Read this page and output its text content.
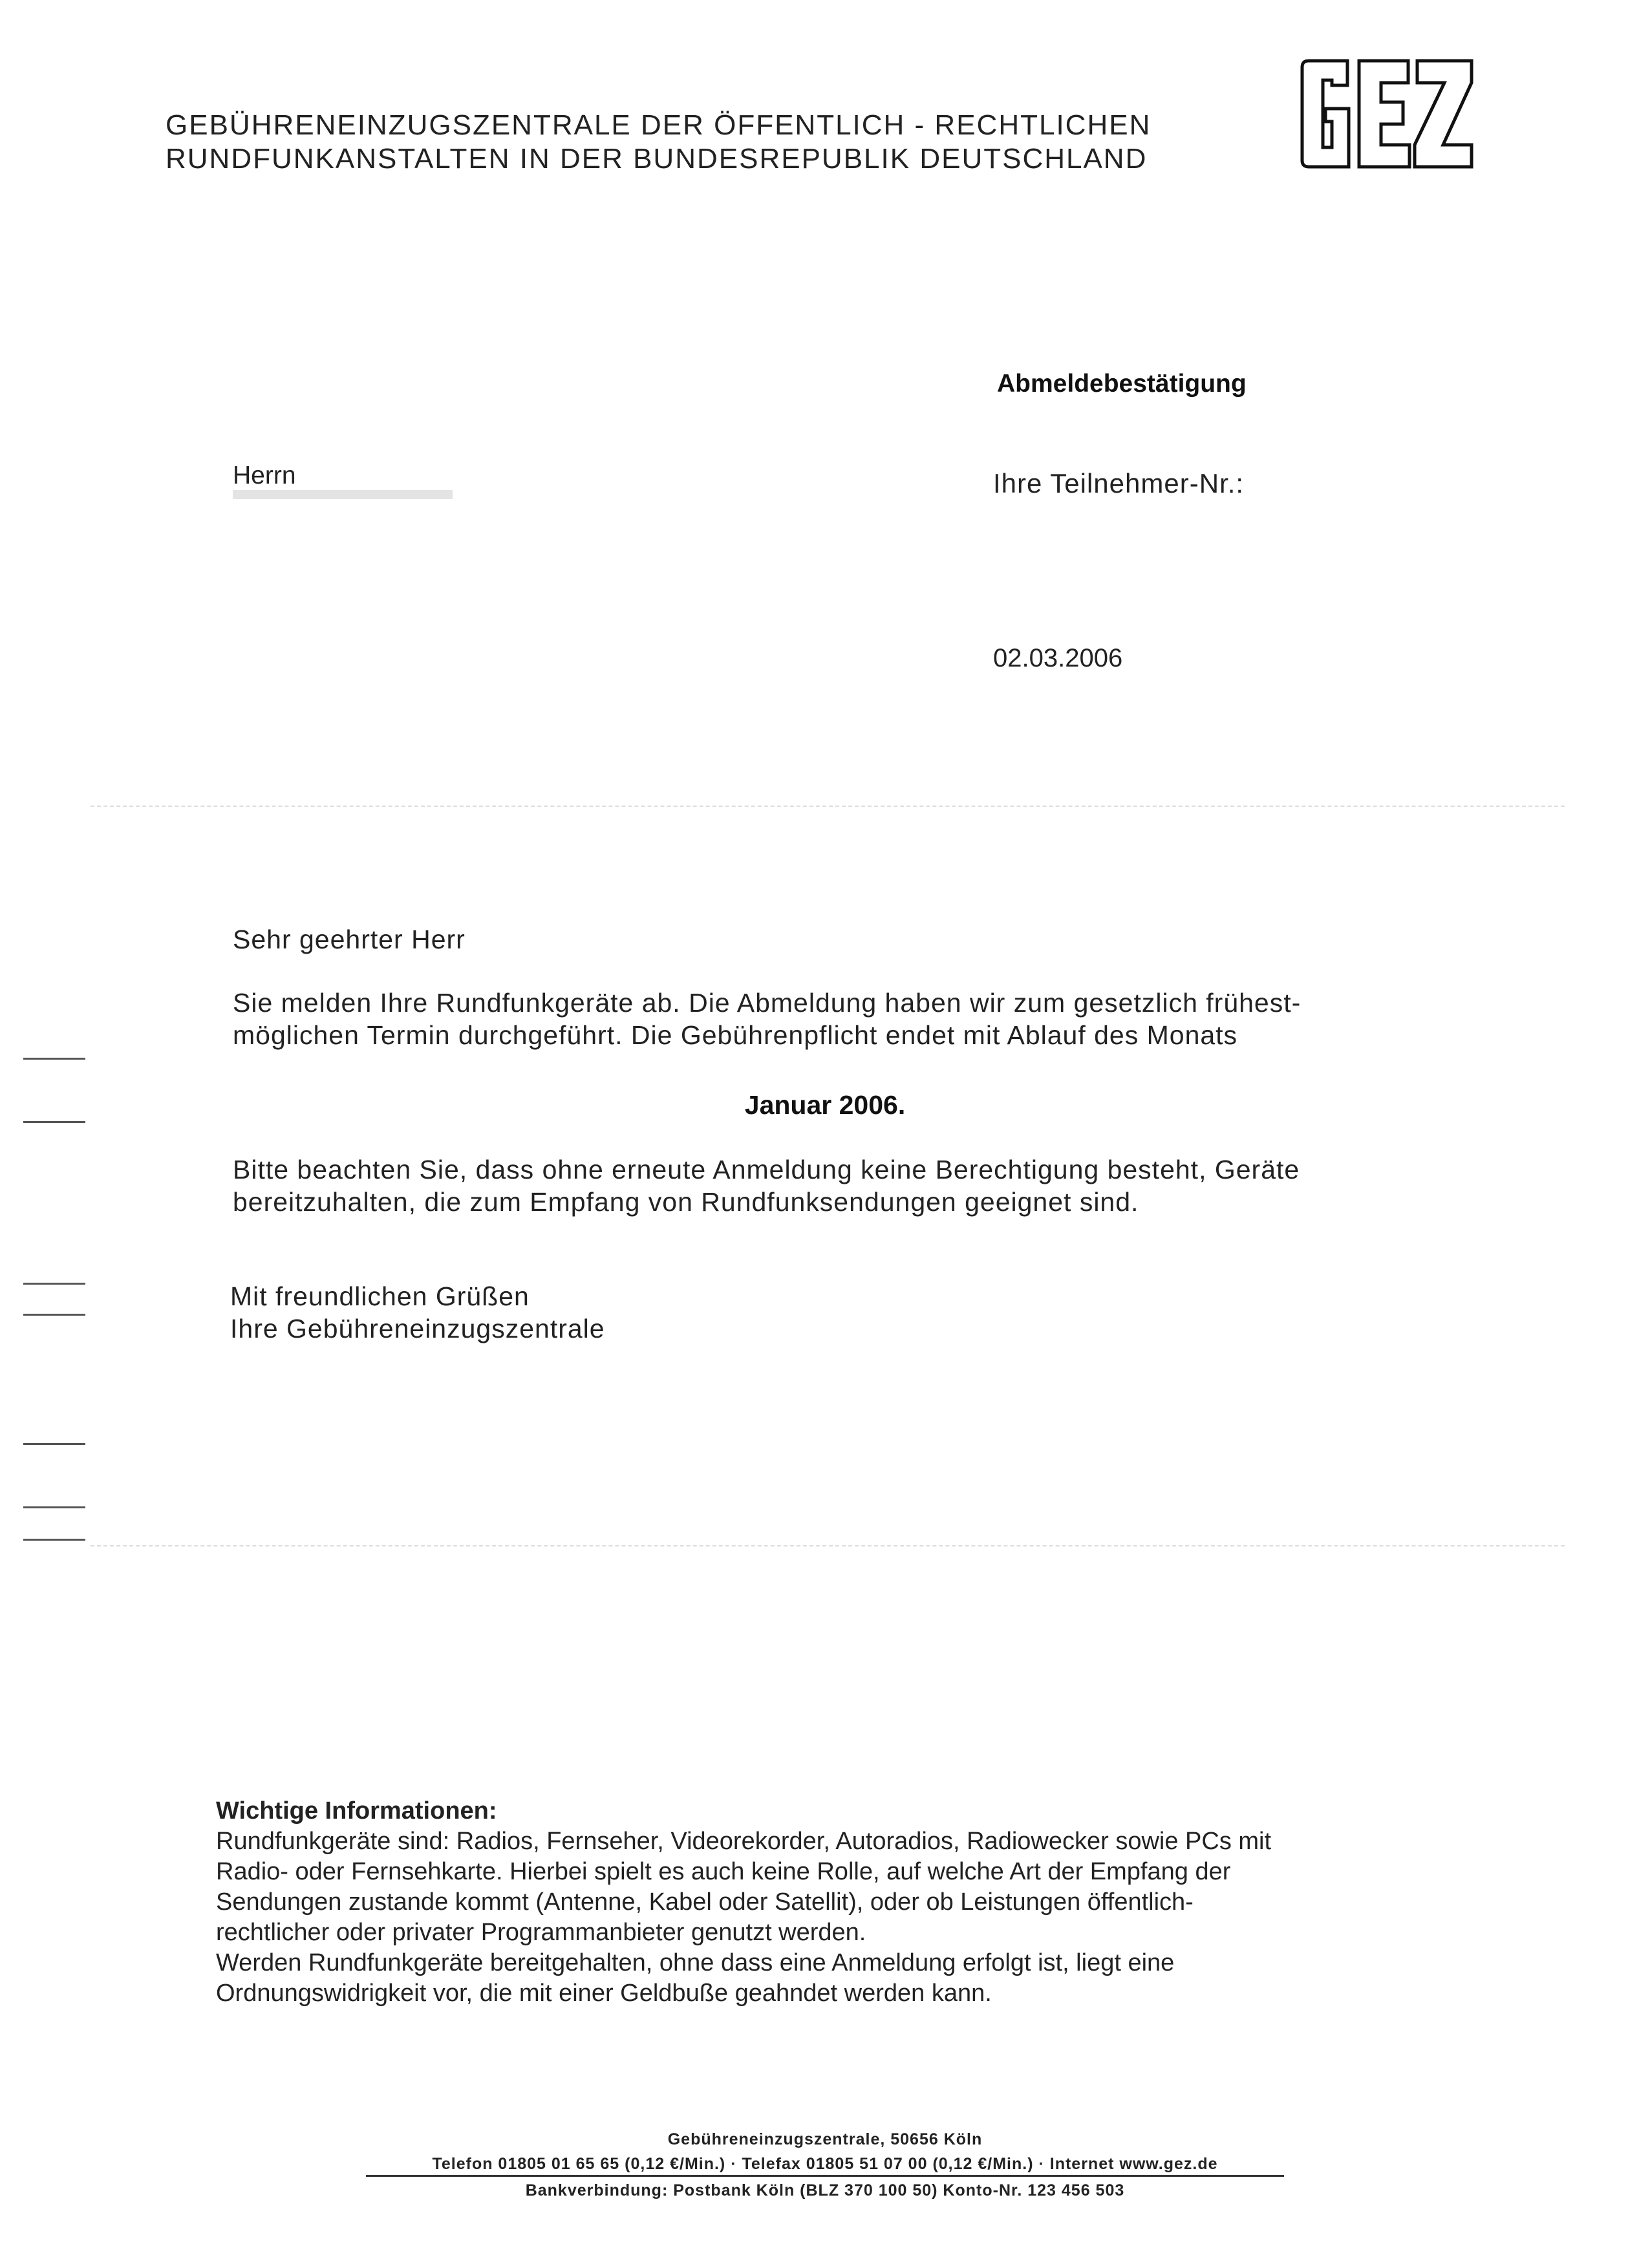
GEBÜHRENEINZUGSZENTRALE DER ÖFFENTLICH - RECHTLICHEN
RUNDFUNKANSTALTEN IN DER BUNDESREPUBLIK DEUTSCHLAND
Abmeldebestätigung
Herrn	Ihre Teilnehmer-Nr.:
02.03.2006
Sehr geehrter Herr
Sie melden Ihre Rundfunkgeräte ab. Die Abmeldung haben wir zum gesetzlich frühest-
möglichen Termin durchgeführt. Die Gebührenpflicht endet mit Ablauf des Monats
Januar 2006.
Bitte beachten Sie, dass ohne erneute Anmeldung keine Berechtigung besteht, Geräte
bereitzuhalten, die zum Empfang von Rundfunksendungen geeignet sind.
Mit freundlichen Grüßen
Ihre Gebühreneinzugszentrale
Wichtige Informationen:
Rundfunkgeräte sind: Radios, Fernseher, Videorekorder, Autoradios, Radiowecker sowie PCs mit
Radio- oder Fernsehkarte. Hierbei spielt es auch keine Rolle, auf welche Art der Empfang der
Sendungen zustande kommt (Antenne, Kabel oder Satellit), oder ob Leistungen öffentlich-
rechtlicher oder privater Programmanbieter genutzt werden.
Werden Rundfunkgeräte bereitgehalten, ohne dass eine Anmeldung erfolgt ist, liegt eine
Ordnungswidrigkeit vor, die mit einer Geldbuße geahndet werden kann.
Gebühreneinzugszentrale, 50656 Köln
Telefon 01805 01 65 65 (0,12 €/Min.) · Telefax 01805 51 07 00 (0,12 €/Min.) · Internet www.gez.de
Bankverbindung: Postbank Köln (BLZ 370 100 50) Konto-Nr. 123 456 503
